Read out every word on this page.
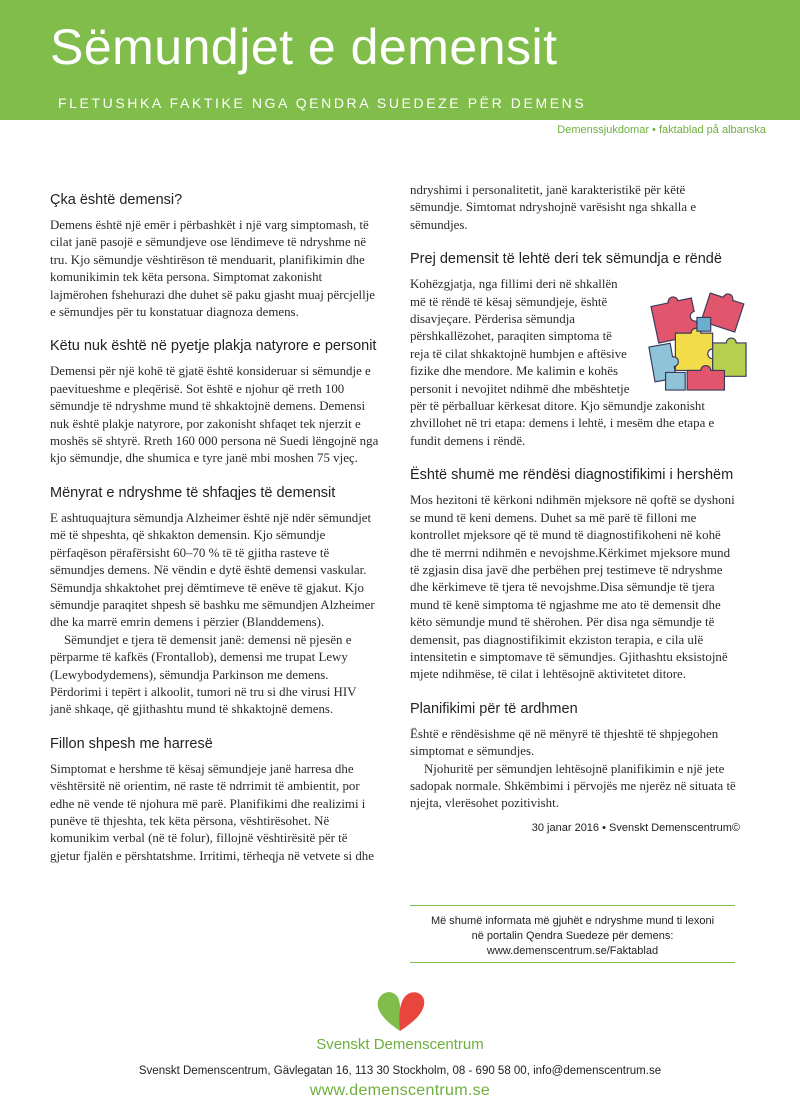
Sëmundjet e demensit
FLETUSHKA FAKTIKE NGA QENDRA SUEDEZE PËR DEMENS
Demenssjukdomar • faktablad på albanska
Çka është demensi?

Demens është një emër i përbashkët i një varg simptomash, të cilat janë pasojë e sëmundjeve ose lëndimeve të ndryshme në tru. Kjo sëmundje vështirëson të menduarit, planifikimin dhe komunikimin tek këta persona. Simptomat zakonisht lajmërohen fshehurazi dhe duhet së paku gjasht muaj përcjellje e sëmundjes për tu konstatuar diagnoza demens.

Këtu nuk është në pyetje plakja natyrore e personit

Demensi për një kohë të gjatë është konsideruar si sëmundje e paevitueshme e pleqërisë. Sot është e njohur që rreth 100 sëmundje të ndryshme mund të shkaktojnë demens. Demensi nuk është plakje natyrore, por zakonisht shfaqet tek njerzit e moshës së shtyrë. Rreth 160 000 persona në Suedi lëngojnë nga kjo sëmundje, dhe shumica e tyre janë mbi moshen 75 vjeç.

Mënyrat e ndryshme të shfaqjes të demensit

E ashtuquajtura sëmundja Alzheimer është një ndër sëmundjet më të shpeshta, që shkakton demensin. Kjo sëmundje përfaqëson përafërsisht 60–70 % të të gjitha rasteve të sëmundjes demens. Në vëndin e dytë është demensi vaskular. Sëmundja shkaktohet prej dëmtimeve të enëve të gjakut. Kjo sëmundje paraqitet shpesh së bashku me sëmundjen Alzheimer dhe ka marrë emrin demens i përzier (Blanddemens).

Sëmundjet e tjera të demensit janë: demensi në pjesën e përparme të kafkës (Frontallob), demensi me trupat Lewy (Lewybodydemens), sëmundja Parkinson me demens. Përdorimi i tepërt i alkoolit, tumori në tru si dhe virusi HIV janë shkaqe, që gjithashtu mund të shkaktojnë demens.

Fillon shpesh me harresë

Simptomat e hershme të kësaj sëmundjeje janë harresa dhe vështërsitë në orientim, në raste të ndrrimit të ambientit, por edhe në vende të njohura më parë. Planifikimi dhe realizimi i punëve të thjeshta, tek këta përsona, vështirësohet. Në komunikim verbal (në të folur), fillojnë vështirësitë për të gjetur fjalën e përshtatshme. Irritimi, tërheqja në vetvete si dhe

ndryshimi i personalitetit, janë karakteristikë për këtë sëmundje. Simtomat ndryshojnë varësisht nga shkalla e sëmundjes.

Prej demensit të lehtë deri tek sëmundja e rëndë

Kohëzgjatja, nga fillimi deri në shkallën më të rëndë të kësaj sëmundjeje, është disavjeçare. Përderisa sëmundja përshkallëzohet, paraqiten simptoma të reja të cilat shkaktojnë humbjen e aftësive fizike dhe mendore. Me kalimin e kohës personit i nevojitet ndihmë dhe mbështetje për të përballuar kërkesat ditore. Kjo sëmundje zakonisht zhvillohet në tri etapa: demens i lehtë, i mesëm dhe etapa e fundit demens i rëndë.

Është shumë me rëndësi diagnostifikimi i hershëm

Mos hezitoni të kërkoni ndihmën mjeksore në qoftë se dyshoni se mund të keni demens. Duhet sa më parë të filloni me kontrollet mjeksore që të mund të diagnostifikoheni në kohë dhe të merrni ndihmën e nevojshme.Kërkimet mjeksore mund të zgjasin disa javë dhe perbëhen prej testimeve të ndryshme dhe kërkimeve të tjera të nevojshme.Disa sëmundje të tjera mund të kenë simptoma të ngjashme me ato të demensit dhe këto sëmundje mund të shërohen. Për disa nga sëmundje të demensit, pas diagnostifikimit ekziston terapia, e cila ulë intensitetin e simptomave të sëmundjes. Gjithashtu eksistojnë mjete ndihmëse, të cilat i lehtësojnë aktivitetet ditore.

Planifikimi për të ardhmen

Është e rëndësishme që në mënyrë të thjeshtë të shpjegohen simptomat e sëmundjes.

Njohuritë per sëmundjen lehtësojnë planifikimin e një jete sadopak normale. Shkëmbimi i përvojës me njerëz në situata të njejta, vlerësohet pozitivisht.

30 janar 2016 • Svenskt Demenscentrum©
Më shumë informata më gjuhët e ndryshme mund ti lexoni
në portalin Qendra Suedeze për demens:
www.demenscentrum.se/Faktablad
Svenskt Demenscentrum
Svenskt Demenscentrum, Gävlegatan 16, 113 30 Stockholm, 08 - 690 58 00, info@demenscentrum.se
www.demenscentrum.se
